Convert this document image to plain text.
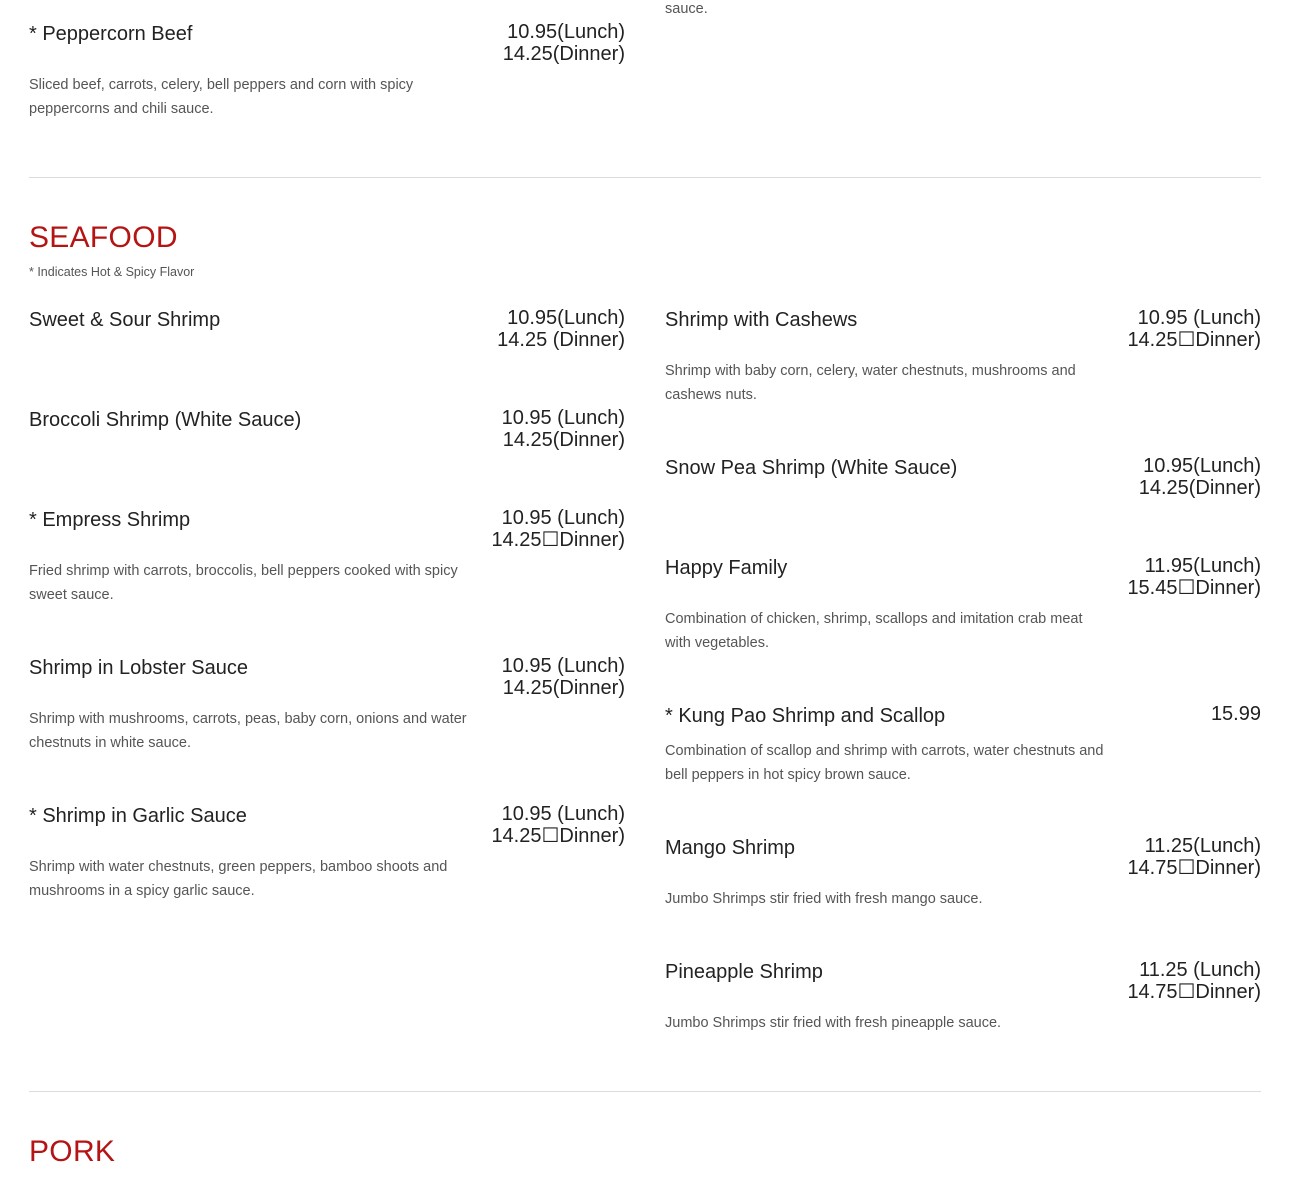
sauce.
* Peppercorn Beef	10.95(Lunch)
14.25(Dinner)
Sliced beef, carrots, celery, bell peppers and corn with spicy peppercorns and chili sauce.
SEAFOOD
* Indicates Hot & Spicy Flavor
Sweet & Sour Shrimp	10.95(Lunch)
14.25 (Dinner)
Broccoli Shrimp (White Sauce)	10.95 (Lunch)
14.25(Dinner)
* Empress Shrimp	10.95 (Lunch)
14.25☐Dinner)
Fried shrimp with carrots, broccolis, bell peppers cooked with spicy sweet sauce.
Shrimp in Lobster Sauce	10.95 (Lunch)
14.25(Dinner)
Shrimp with mushrooms, carrots, peas, baby corn, onions and water chestnuts in white sauce.
* Shrimp in Garlic Sauce	10.95 (Lunch)
14.25☐Dinner)
Shrimp with water chestnuts, green peppers, bamboo shoots and mushrooms in a spicy garlic sauce.
Shrimp with Cashews	10.95 (Lunch)
14.25☐Dinner)
Shrimp with baby corn, celery, water chestnuts, mushrooms and cashews nuts.
Snow Pea Shrimp (White Sauce)	10.95(Lunch)
14.25(Dinner)
Happy Family	11.95(Lunch)
15.45☐Dinner)
Combination of chicken, shrimp, scallops and imitation crab meat with vegetables.
* Kung Pao Shrimp and Scallop	15.99
Combination of scallop and shrimp with carrots, water chestnuts and bell peppers in hot spicy brown sauce.
Mango Shrimp	11.25(Lunch)
14.75☐Dinner)
Jumbo Shrimps stir fried with fresh mango sauce.
Pineapple Shrimp	11.25 (Lunch)
14.75☐Dinner)
Jumbo Shrimps stir fried with fresh pineapple sauce.
PORK
